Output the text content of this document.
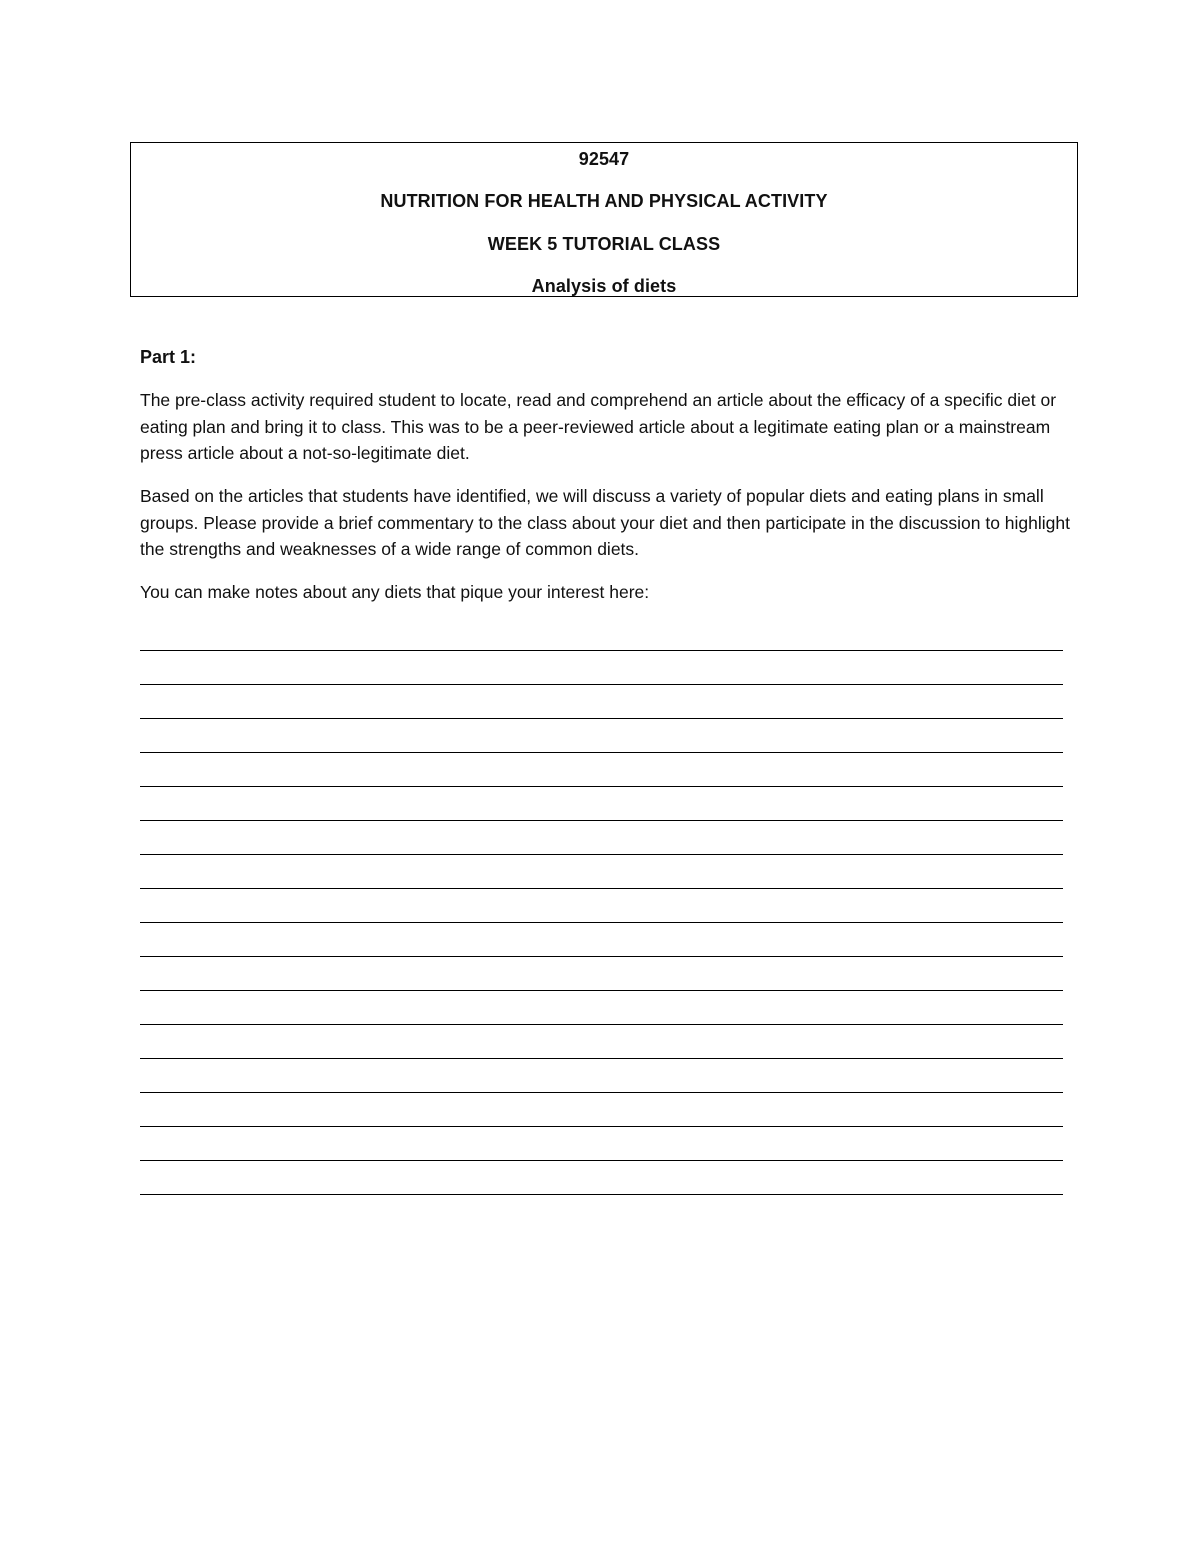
92547
NUTRITION FOR HEALTH AND PHYSICAL ACTIVITY
WEEK 5 TUTORIAL CLASS
Analysis of diets
Part 1:

The pre-class activity required student to locate, read and comprehend an article about the efficacy of a specific diet or eating plan and bring it to class. This was to be a peer-reviewed article about a legitimate eating plan or a mainstream press article about a not-so-legitimate diet.

Based on the articles that students have identified, we will discuss a variety of popular diets and eating plans in small groups. Please provide a brief commentary to the class about your diet and then participate in the discussion to highlight the strengths and weaknesses of a wide range of common diets.

You can make notes about any diets that pique your interest here:
